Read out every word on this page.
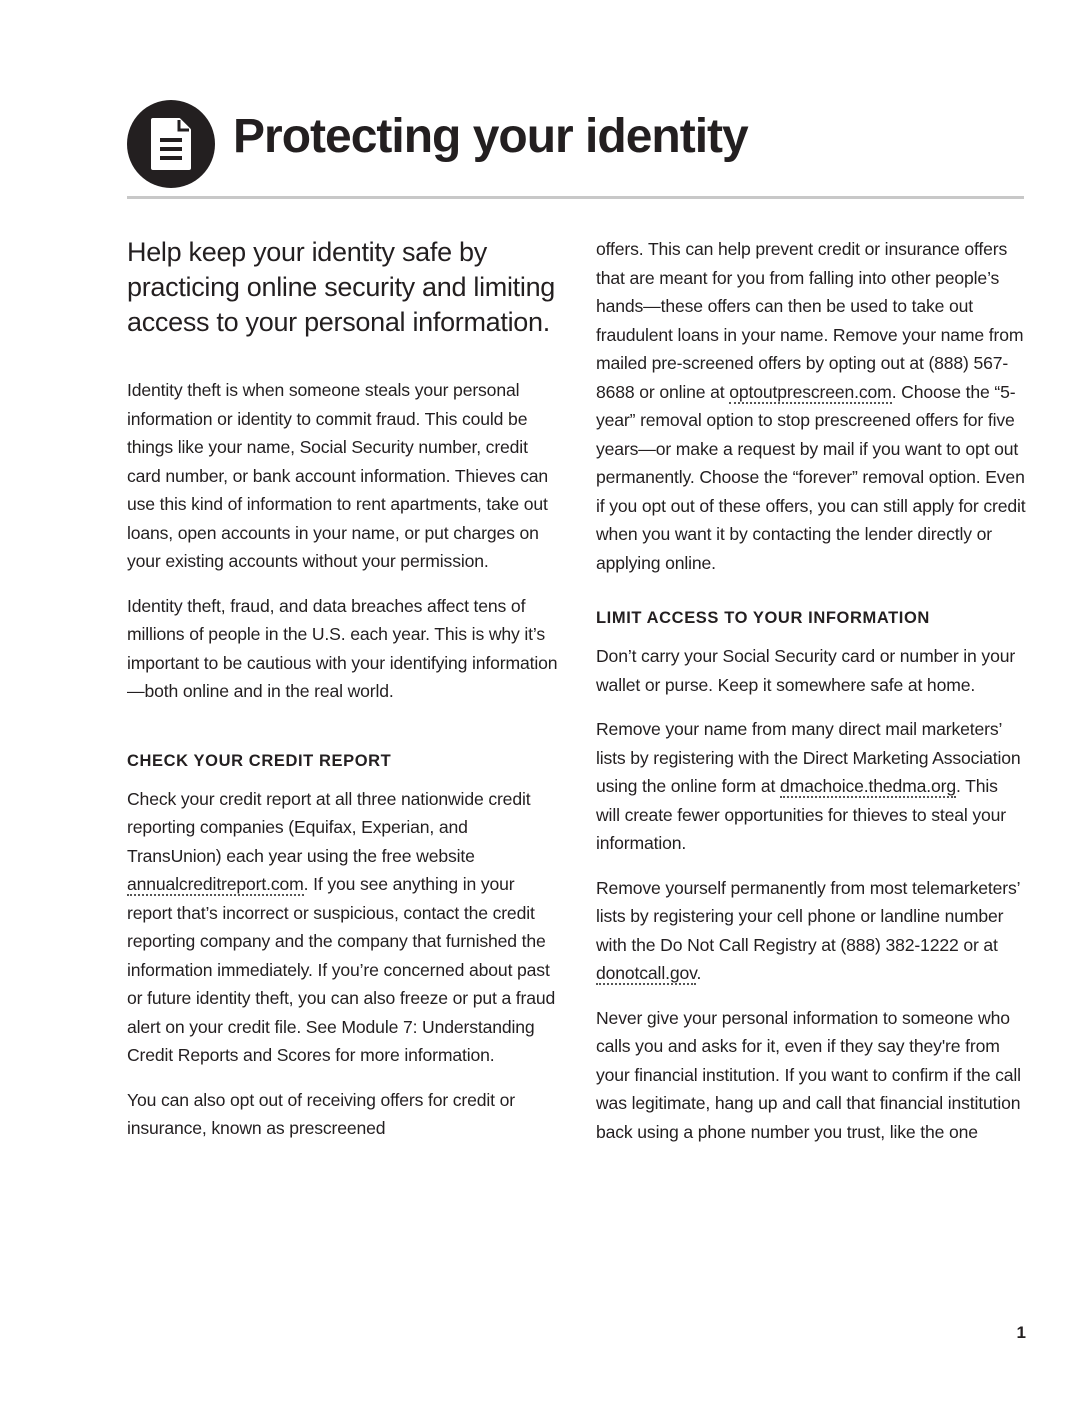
Protecting your identity

Help keep your identity safe by practicing online security and limiting access to your personal information.

Identity theft is when someone steals your personal information or identity to commit fraud. This could be things like your name, Social Security number, credit card number, or bank account information. Thieves can use this kind of information to rent apartments, take out loans, open accounts in your name, or put charges on your existing accounts without your permission.

Identity theft, fraud, and data breaches affect tens of millions of people in the U.S. each year. This is why it’s important to be cautious with your identifying information—both online and in the real world.

CHECK YOUR CREDIT REPORT

Check your credit report at all three nationwide credit reporting companies (Equifax, Experian, and TransUnion) each year using the free website annualcreditreport.com. If you see anything in your report that’s incorrect or suspicious, contact the credit reporting company and the company that furnished the information immediately. If you’re concerned about past or future identity theft, you can also freeze or put a fraud alert on your credit file. See Module 7: Understanding Credit Reports and Scores for more information.

You can also opt out of receiving offers for credit or insurance, known as prescreened

offers. This can help prevent credit or insurance offers that are meant for you from falling into other people’s hands—these offers can then be used to take out fraudulent loans in your name. Remove your name from mailed pre-screened offers by opting out at (888) 567-8688 or online at optoutprescreen.com. Choose the “5-year” removal option to stop prescreened offers for five years—or make a request by mail if you want to opt out permanently. Choose the “forever” removal option. Even if you opt out of these offers, you can still apply for credit when you want it by contacting the lender directly or applying online.

LIMIT ACCESS TO YOUR INFORMATION

Don’t carry your Social Security card or number in your wallet or purse. Keep it somewhere safe at home.

Remove your name from many direct mail marketers’ lists by registering with the Direct Marketing Association using the online form at dmachoice.thedma.org. This will create fewer opportunities for thieves to steal your information.

Remove yourself permanently from most telemarketers’ lists by registering your cell phone or landline number with the Do Not Call Registry at (888) 382-1222 or at donotcall.gov.

Never give your personal information to someone who calls you and asks for it, even if they say they're from your financial institution. If you want to confirm if the call was legitimate, hang up and call that financial institution back using a phone number you trust, like the one

1
